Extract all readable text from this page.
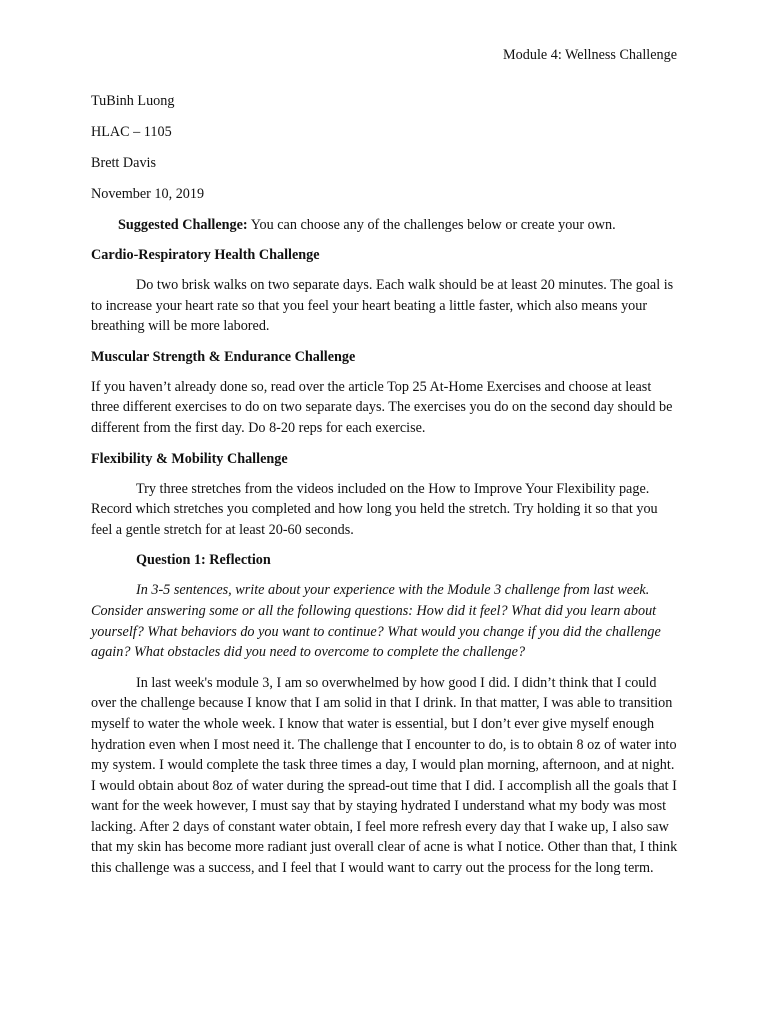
Module 4: Wellness Challenge
TuBinh Luong
HLAC – 1105
Brett Davis
November 10, 2019
Suggested Challenge: You can choose any of the challenges below or create your own.
Cardio-Respiratory Health Challenge

Do two brisk walks on two separate days. Each walk should be at least 20 minutes. The goal is to increase your heart rate so that you feel your heart beating a little faster, which also means your breathing will be more labored.

Muscular Strength & Endurance Challenge

If you haven’t already done so, read over the article Top 25 At-Home Exercises and choose at least three different exercises to do on two separate days. The exercises you do on the second day should be different from the first day. Do 8-20 reps for each exercise.

Flexibility & Mobility Challenge

Try three stretches from the videos included on the How to Improve Your Flexibility page. Record which stretches you completed and how long you held the stretch. Try holding it so that you feel a gentle stretch for at least 20-60 seconds.

Question 1: Reflection

In 3-5 sentences, write about your experience with the Module 3 challenge from last week. Consider answering some or all the following questions: How did it feel? What did you learn about yourself? What behaviors do you want to continue? What would you change if you did the challenge again? What obstacles did you need to overcome to complete the challenge?

In last week's module 3, I am so overwhelmed by how good I did. I didn’t think that I could over the challenge because I know that I am solid in that I drink. In that matter, I was able to transition myself to water the whole week. I know that water is essential, but I don’t ever give myself enough hydration even when I most need it. The challenge that I encounter to do, is to obtain 8 oz of water into my system. I would complete the task three times a day, I would plan morning, afternoon, and at night. I would obtain about 8oz of water during the spread-out time that I did. I accomplish all the goals that I want for the week however, I must say that by staying hydrated I understand what my body was most lacking. After 2 days of constant water obtain, I feel more refresh every day that I wake up, I also saw that my skin has become more radiant just overall clear of acne is what I notice. Other than that, I think this challenge was a success, and I feel that I would want to carry out the process for the long term.
